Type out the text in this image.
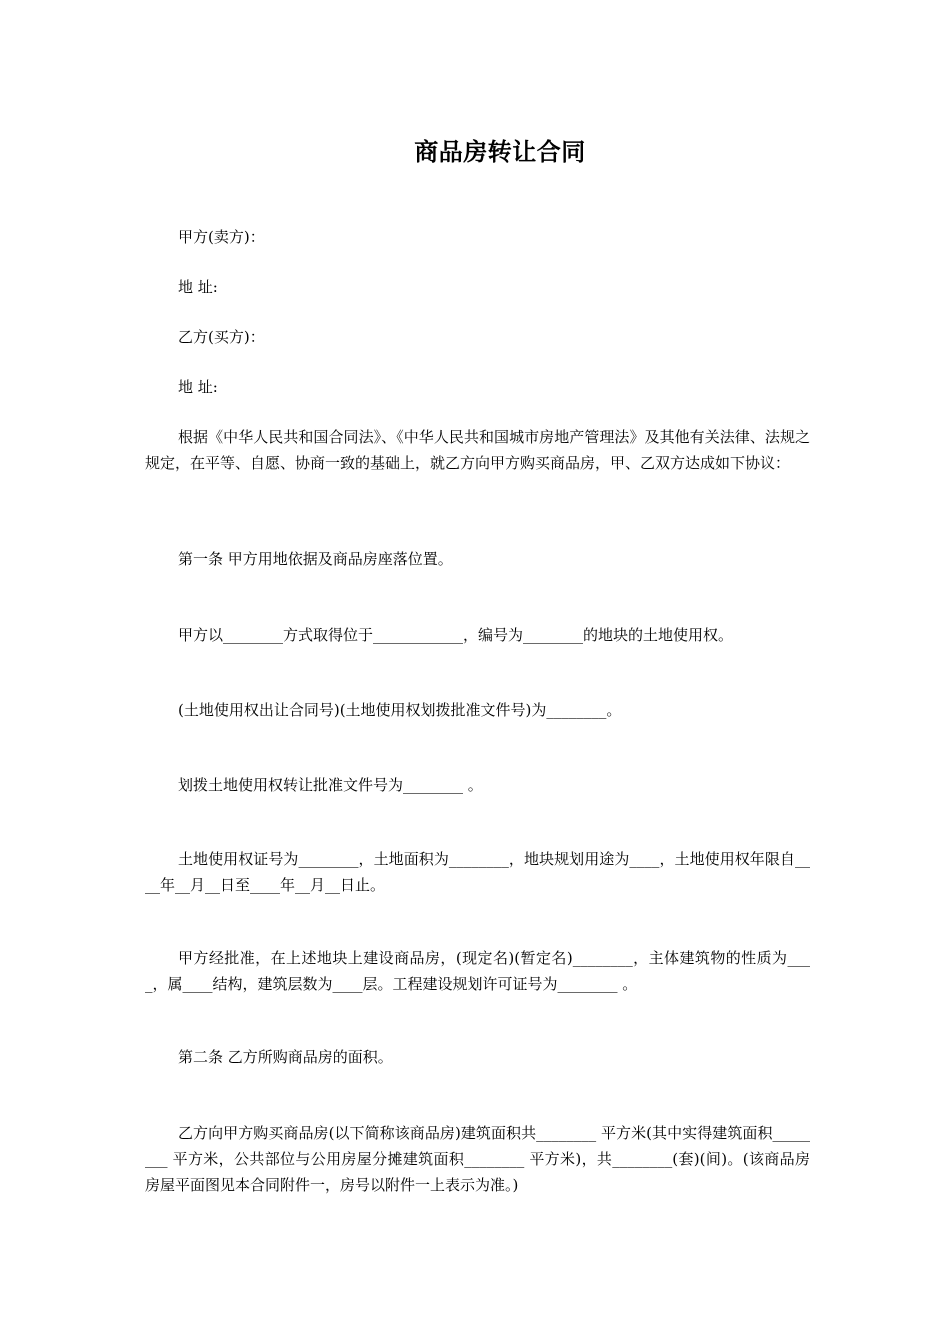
商品房转让合同
甲方(卖方)：
地 址:
乙方(买方)：
地 址:
根据《中华人民共和国合同法》、《中华人民共和国城市房地产管理法》及其他有关法律、法规之规定，在平等、自愿、协商一致的基础上，就乙方向甲方购买商品房，甲、乙双方达成如下协议：
第一条 甲方用地依据及商品房座落位置。
甲方以________方式取得位于____________，编号为________的地块的土地使用权。
(土地使用权出让合同号)(土地使用权划拨批准文件号)为________。
划拨土地使用权转让批准文件号为________ 。
土地使用权证号为________，土地面积为________，地块规划用途为____，土地使用权年限自____年__月__日至____年__月__日止。
甲方经批准，在上述地块上建设商品房，(现定名)(暂定名)________，主体建筑物的性质为____，属____结构，建筑层数为____层。工程建设规划许可证号为________ 。
第二条 乙方所购商品房的面积。
乙方向甲方购买商品房(以下简称该商品房)建筑面积共________ 平方米(其中实得建筑面积________ 平方米，公共部位与公用房屋分摊建筑面积________ 平方米)，共________(套)(间)。(该商品房房屋平面图见本合同附件一，房号以附件一上表示为准。)
